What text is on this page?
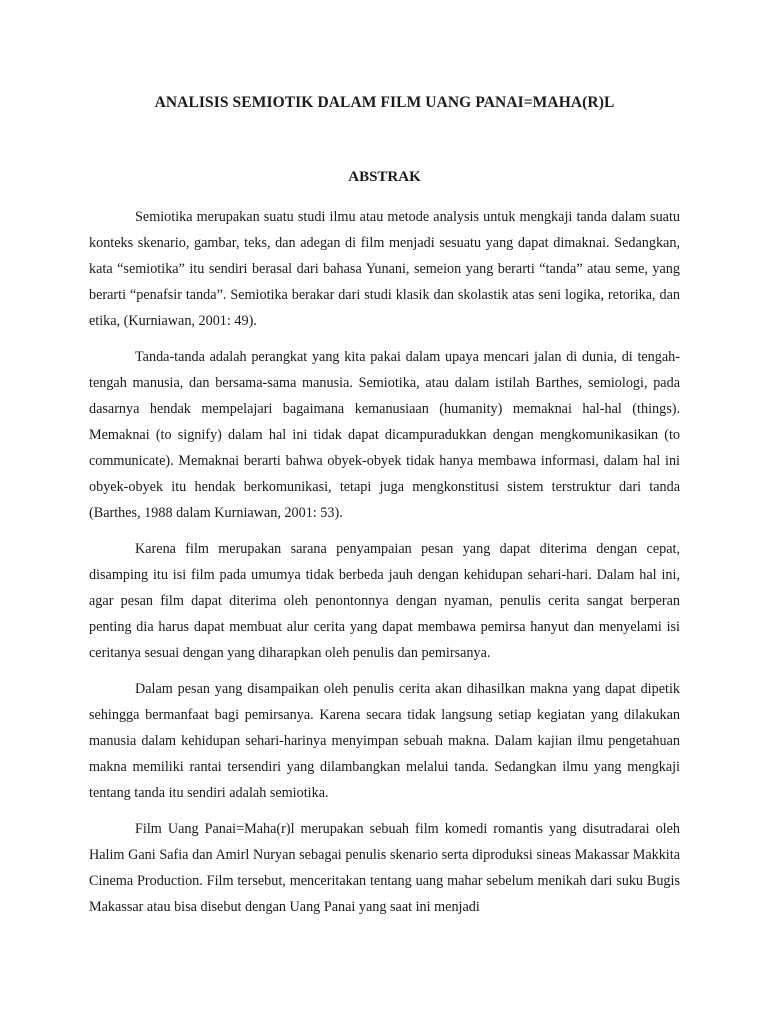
ANALISIS SEMIOTIK DALAM FILM UANG PANAI=MAHA(R)L
ABSTRAK

Semiotika merupakan suatu studi ilmu atau metode analysis untuk mengkaji tanda dalam suatu konteks skenario, gambar, teks, dan adegan di film menjadi sesuatu yang dapat dimaknai. Sedangkan, kata “semiotika” itu sendiri berasal dari bahasa Yunani, semeion yang berarti “tanda” atau seme, yang berarti “penafsir tanda”. Semiotika berakar dari studi klasik dan skolastik atas seni logika, retorika, dan etika, (Kurniawan, 2001: 49).

Tanda-tanda adalah perangkat yang kita pakai dalam upaya mencari jalan di dunia, di tengah-tengah manusia, dan bersama-sama manusia. Semiotika, atau dalam istilah Barthes, semiologi, pada dasarnya hendak mempelajari bagaimana kemanusiaan (humanity) memaknai hal-hal (things). Memaknai (to signify) dalam hal ini tidak dapat dicampuradukkan dengan mengkomunikasikan (to communicate). Memaknai berarti bahwa obyek-obyek tidak hanya membawa informasi, dalam hal ini obyek-obyek itu hendak berkomunikasi, tetapi juga mengkonstitusi sistem terstruktur dari tanda (Barthes, 1988 dalam Kurniawan, 2001: 53).

Karena film merupakan sarana penyampaian pesan yang dapat diterima dengan cepat, disamping itu isi film pada umumya tidak berbeda jauh dengan kehidupan sehari-hari. Dalam hal ini, agar pesan film dapat diterima oleh penontonnya dengan nyaman, penulis cerita sangat berperan penting dia harus dapat membuat alur cerita yang dapat membawa pemirsa hanyut dan menyelami isi ceritanya sesuai dengan yang diharapkan oleh penulis dan pemirsanya.

Dalam pesan yang disampaikan oleh penulis cerita akan dihasilkan makna yang dapat dipetik sehingga bermanfaat bagi pemirsanya. Karena secara tidak langsung setiap kegiatan yang dilakukan manusia dalam kehidupan sehari-harinya menyimpan sebuah makna. Dalam kajian ilmu pengetahuan makna memiliki rantai tersendiri yang dilambangkan melalui tanda. Sedangkan ilmu yang mengkaji tentang tanda itu sendiri adalah semiotika.

Film Uang Panai=Maha(r)l merupakan sebuah film komedi romantis yang disutradarai oleh Halim Gani Safia dan Amirl Nuryan sebagai penulis skenario serta diproduksi sineas Makassar Makkita Cinema Production. Film tersebut, menceritakan tentang uang mahar sebelum menikah dari suku Bugis Makassar atau bisa disebut dengan Uang Panai yang saat ini menjadi
